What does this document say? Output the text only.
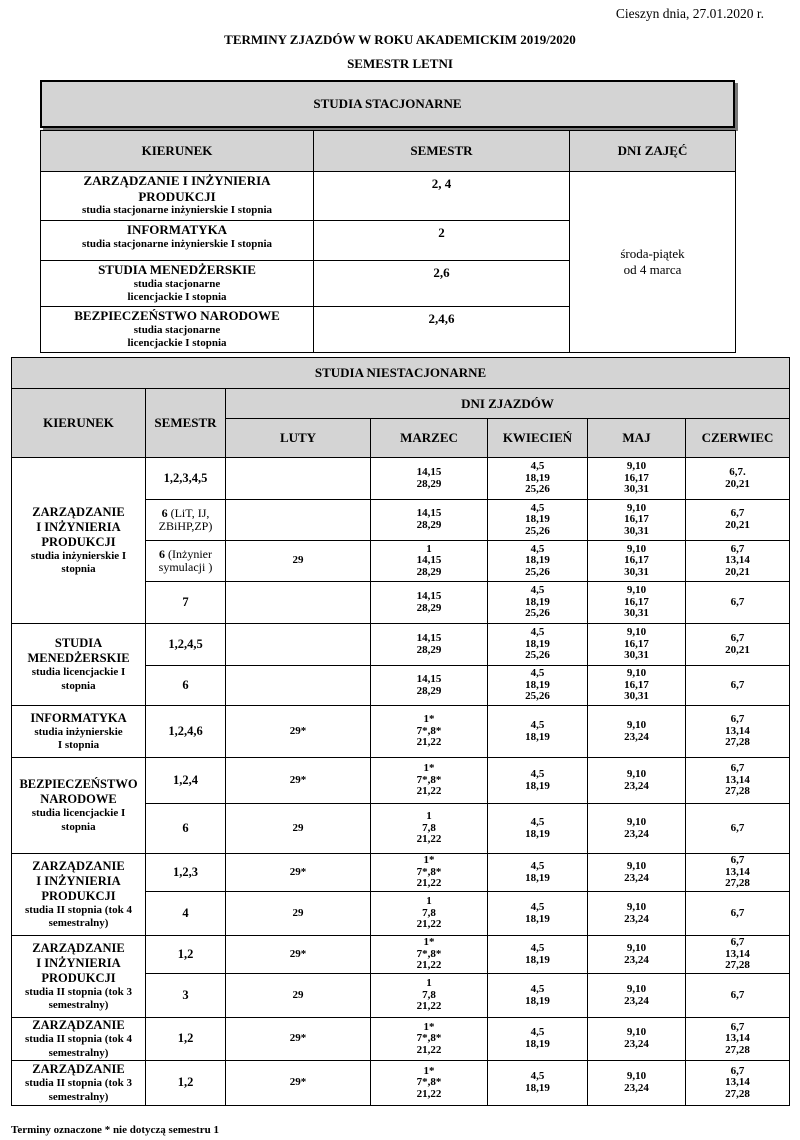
Cieszyn dnia, 27.01.2020 r.
TERMINY ZJAZDÓW W ROKU AKADEMICKIM 2019/2020
SEMESTR LETNI
STUDIA STACJONARNE
KIERUNEK	SEMESTR	DNI ZAJĘĆ

ZARZĄDZANIE I INŻYNIERIA
PRODUKCJI
studia stacjonarne inżynierskie I stopnia	2, 4	środa-piątek
od 4 marca

INFORMATYKA
studia stacjonarne inżynierskie I stopnia	2	

STUDIA MENEDŻERSKIE
studia stacjonarne
licencjackie I stopnia	2,6	

BEZPIECZEŃSTWO NARODOWE
studia stacjonarne
licencjackie I stopnia	2,4,6	
STUDIA NIESTACJONARNE						
KIERUNEK	SEMESTR	DNI ZJAZDÓW				
		LUTY	MARZEC	KWIECIEŃ	MAJ	CZERWIEC

ZARZĄDZANIE
I INŻYNIERIA
PRODUKCJI
studia inżynierskie I
stopnia	1,2,3,4,5		14,15
28,29	4,5
18,19
25,26	9,10
16,17
30,31	6,7.
20,21

	6 (LiT, IJ,
ZBiHP,ZP)		14,15
28,29	4,5
18,19
25,26	9,10
16,17
30,31	6,7
20,21

	6 (Inżynier
symulacji )	29	1
14,15
28,29	4,5
18,19
25,26	9,10
16,17
30,31	6,7
13,14
20,21

	7		14,15
28,29	4,5
18,19
25,26	9,10
16,17
30,31	6,7

STUDIA
MENEDŻERSKIE
studia licencjackie I
stopnia	1,2,4,5		14,15
28,29	4,5
18,19
25,26	9,10
16,17
30,31	6,7
20,21

	6		14,15
28,29	4,5
18,19
25,26	9,10
16,17
30,31	6,7

INFORMATYKA
studia inżynierskie
I stopnia	1,2,4,6	29*	1*
7*,8*
21,22	4,5
18,19	9,10
23,24	6,7
13,14
27,28

BEZPIECZEŃSTWO
NARODOWE
studia licencjackie I
stopnia	1,2,4	29*	1*
7*,8*
21,22	4,5
18,19	9,10
23,24	6,7
13,14
27,28

	6	29	1
7,8
21,22	4,5
18,19	9,10
23,24	6,7

ZARZĄDZANIE
I INŻYNIERIA
PRODUKCJI
studia II stopnia (tok 4
semestralny)	1,2,3	29*	1*
7*,8*
21,22	4,5
18,19	9,10
23,24	6,7
13,14
27,28

	4	29	1
7,8
21,22	4,5
18,19	9,10
23,24	6,7

ZARZĄDZANIE
I INŻYNIERIA
PRODUKCJI
studia II stopnia (tok 3
semestralny)	1,2	29*	1*
7*,8*
21,22	4,5
18,19	9,10
23,24	6,7
13,14
27,28

	3	29	1
7,8
21,22	4,5
18,19	9,10
23,24	6,7

ZARZĄDZANIE
studia II stopnia (tok 4
semestralny)	1,2	29*	1*
7*,8*
21,22	4,5
18,19	9,10
23,24	6,7
13,14
27,28

ZARZĄDZANIE
studia II stopnia (tok 3
semestralny)	1,2	29*	1*
7*,8*
21,22	4,5
18,19	9,10
23,24	6,7
13,14
27,28
Terminy oznaczone * nie dotyczą semestru 1
